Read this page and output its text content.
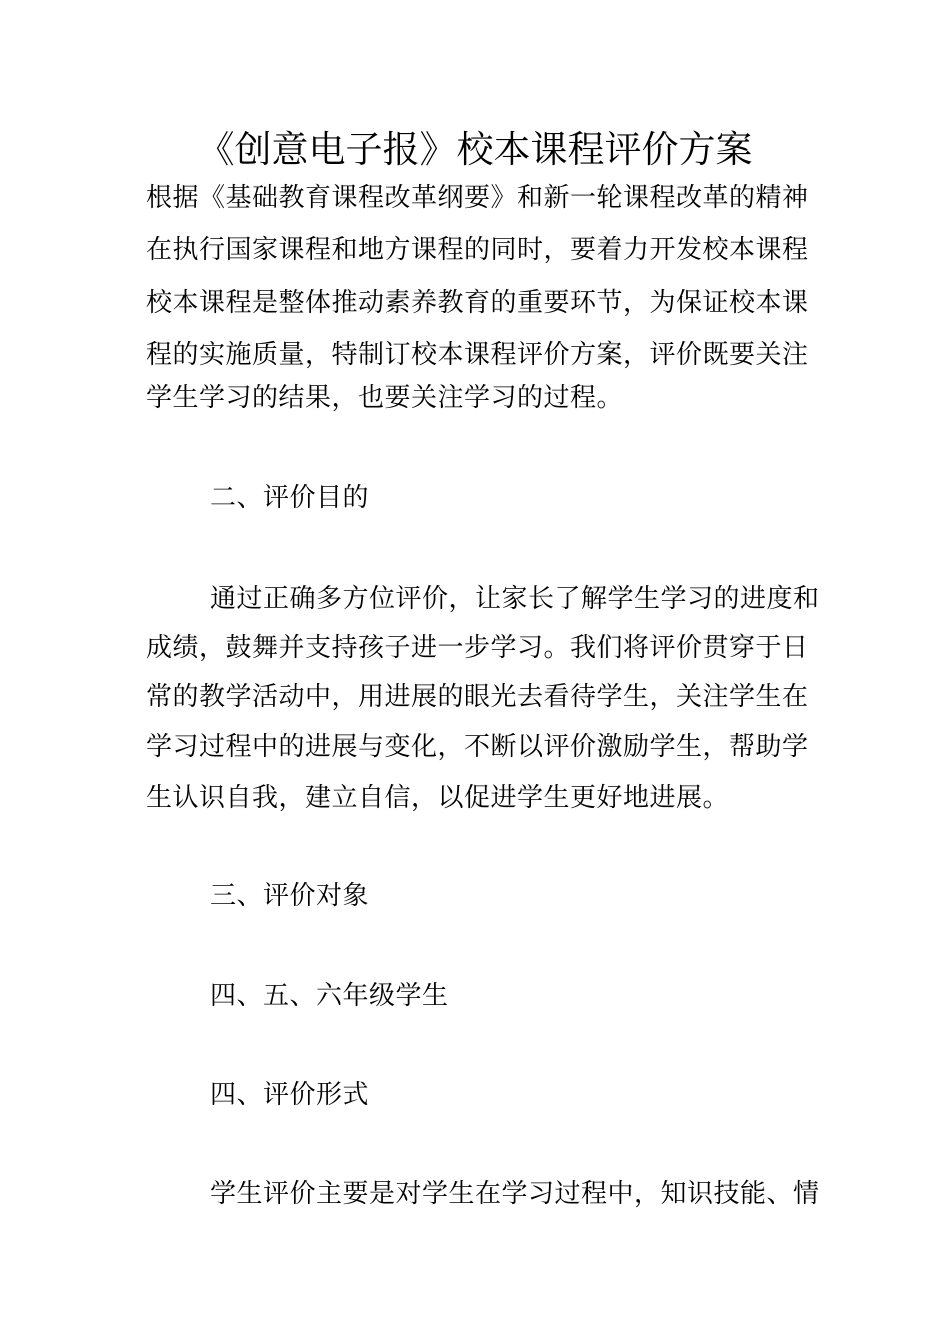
《创意电子报》校本课程评价方案
根据《基础教育课程改革纲要》和新一轮课程改革的精神
在执行国家课程和地方课程的同时，要着力开发校本课程
校本课程是整体推动素养教育的重要环节，为保证校本课
程的实施质量，特制订校本课程评价方案，评价既要关注
学生学习的结果，也要关注学习的过程。
二、评价目的
通过正确多方位评价，让家长了解学生学习的进度和
成绩，鼓舞并支持孩子进一步学习。我们将评价贯穿于日
常的教学活动中，用进展的眼光去看待学生，关注学生在
学习过程中的进展与变化，不断以评价激励学生，帮助学
生认识自我，建立自信，以促进学生更好地进展。
三、评价对象
四、五、六年级学生
四、评价形式
学生评价主要是对学生在学习过程中，知识技能、情
